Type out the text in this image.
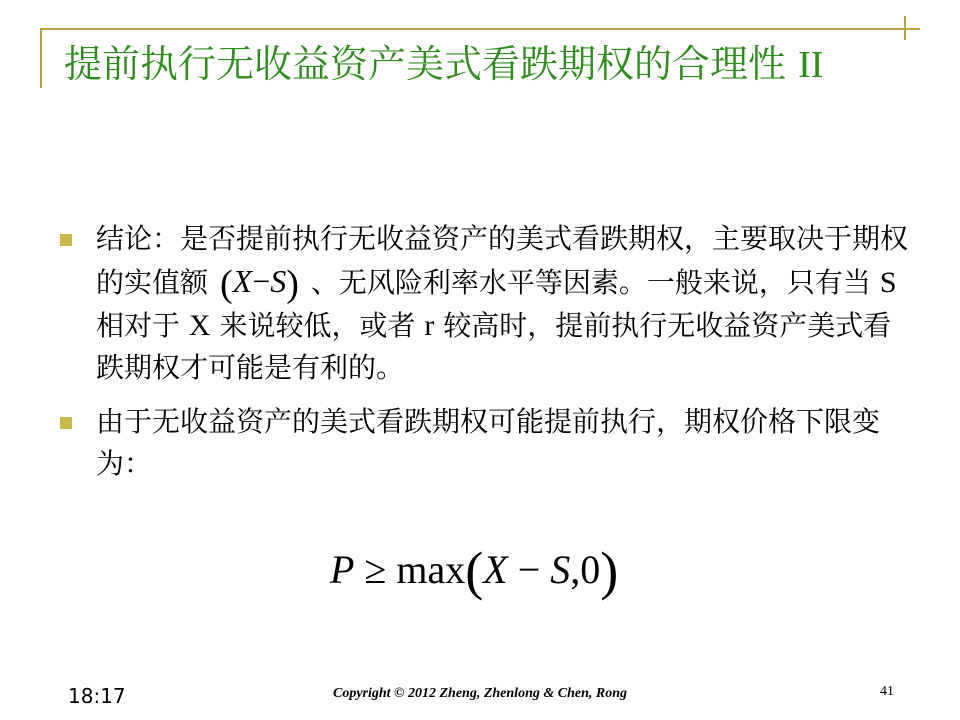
提前执行无收益资产美式看跌期权的合理性 II
结论：是否提前执行无收益资产的美式看跌期权，主要取决于期权的实值额 (X−S) 、无风险利率水平等因素。一般来说，只有当 S 相对于 X 来说较低，或者 r 较高时，提前执行无收益资产美式看跌期权才可能是有利的。
由于无收益资产的美式看跌期权可能提前执行，期权价格下限变为：
P ≥ max(X − S,0)
18:17	Copyright © 2012 Zheng, Zhenlong & Chen, Rong	41
